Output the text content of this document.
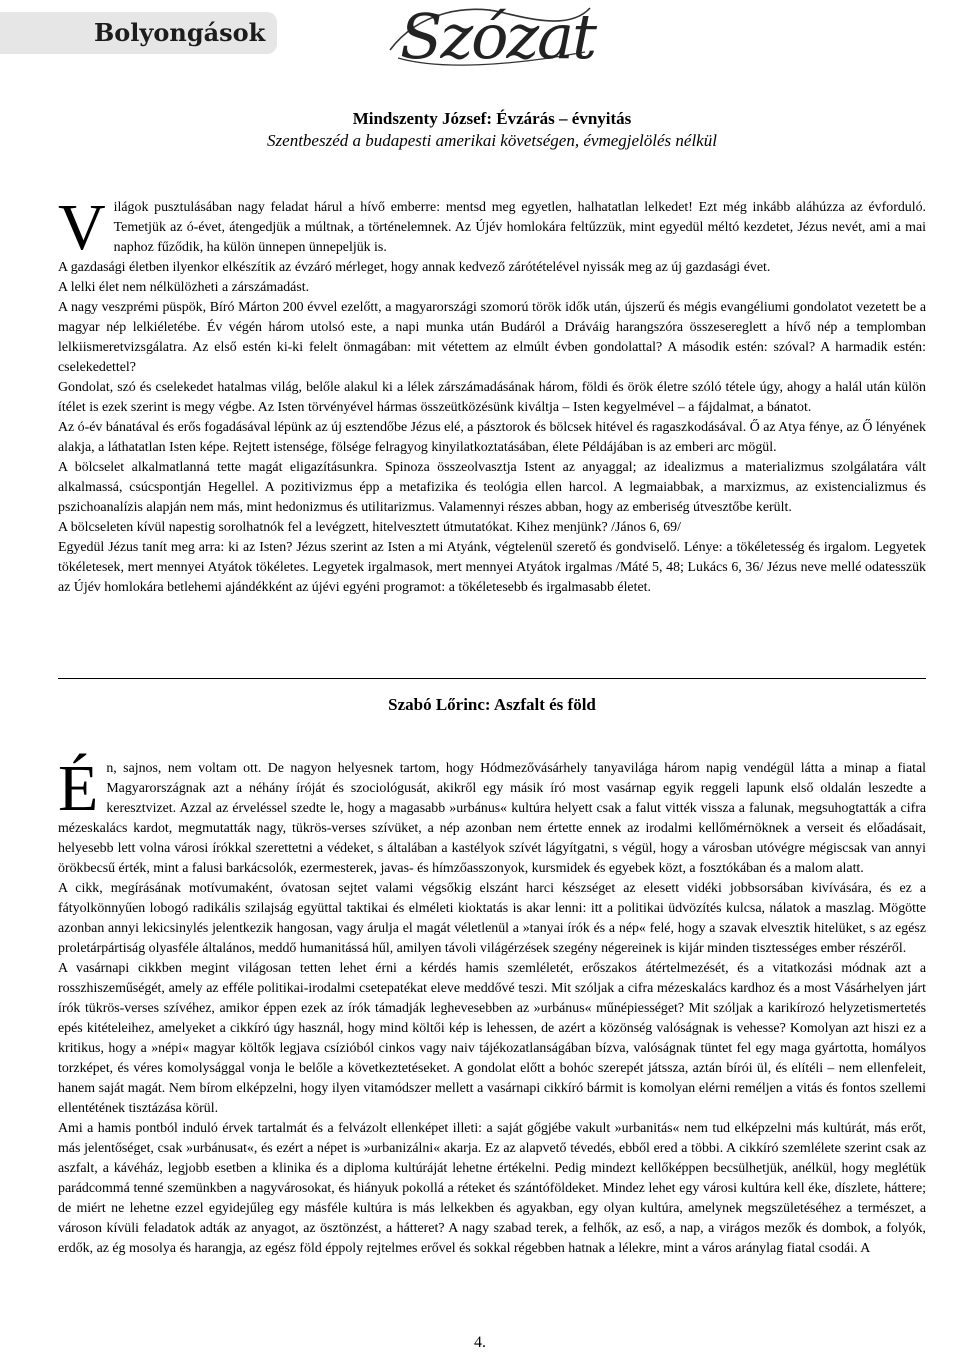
Bolyongások Szózat
Mindszenty József: Évzárás – évnyitás
Szentbeszéd a budapesti amerikai követségen, évmegjelölés nélkül

Világok pusztulásában nagy feladat hárul a hívő emberre: mentsd meg egyetlen, halhatatlan lelkedet! Ezt még inkább aláhúzza az évforduló. Temetjük az ó-évet, átengedjük a múltnak, a történelemnek. Az Újév homlokára feltűzzük, mint egyedül méltó kezdetet, Jézus nevét, ami a mai naphoz fűződik, ha külön ünnepen ünnepeljük is.

A gazdasági életben ilyenkor elkészítik az évzáró mérleget, hogy annak kedvező zárótételével nyissák meg az új gazdasági évet.

A lelki élet nem nélkülözheti a zárszámadást.

A nagy veszprémi püspök, Bíró Márton 200 évvel ezelőtt, a magyarországi szomorú török idők után, újszerű és mégis evangéliumi gondolatot vezetett be a magyar nép lelkiéletébe. Év végén három utolsó este, a napi munka után Budáról a Dráváig harangszóra összesereglett a hívő nép a templomban lelkiismeretvizsgálatra. Az első estén ki-ki felelt önmagában: mit vétettem az elmúlt évben gondolattal? A második estén: szóval? A harmadik estén: cselekedettel?

Gondolat, szó és cselekedet hatalmas világ, belőle alakul ki a lélek zárszámadásának három, földi és örök életre szóló tétele úgy, ahogy a halál után külön ítélet is ezek szerint is megy végbe. Az Isten törvényével hármas összeütközésünk kiváltja – Isten kegyelmével – a fájdalmat, a bánatot.

Az ó-év bánatával és erős fogadásával lépünk az új esztendőbe Jézus elé, a pásztorok és bölcsek hitével és ragaszkodásával. Ő az Atya fénye, az Ő lényének alakja, a láthatatlan Isten képe. Rejtett istensége, fölsége felragyog kinyilatkoztatásában, élete Példájában is az emberi arc mögül.

A bölcselet alkalmatlanná tette magát eligazításunkra. Spinoza összeolvasztja Istent az anyaggal; az idealizmus a materializmus szolgálatára vált alkalmassá, csúcspontján Hegellel. A pozitivizmus épp a metafizika és teológia ellen harcol. A legmaiabbak, a marxizmus, az existencializmus és pszichoanalízis alapján nem más, mint hedonizmus és utilitarizmus. Valamennyi részes abban, hogy az emberiség útvesztőbe került.

A bölcseleten kívül napestig sorolhatnók fel a levégzett, hitelvesztett útmutatókat. Kihez menjünk? /János 6, 69/

Egyedül Jézus tanít meg arra: ki az Isten? Jézus szerint az Isten a mi Atyánk, végtelenül szerető és gondviselő. Lénye: a tökéletesség és irgalom. Legyetek tökéletesek, mert mennyei Atyátok tökéletes. Legyetek irgalmasok, mert mennyei Atyátok irgalmas /Máté 5, 48; Lukács 6, 36/ Jézus neve mellé odatesszük az Újév homlokára betlehemi ajándékként az újévi egyéni programot: a tökéletesebb és irgalmasabb életet.

Szabó Lőrinc: Aszfalt és föld

Én, sajnos, nem voltam ott. De nagyon helyesnek tartom, hogy Hódmezővásárhely tanyavilága három napig vendégül látta a minap a fiatal Magyarországnak azt a néhány íróját és szociológusát, akikről egy másik író most vasárnap egyik reggeli lapunk első oldalán leszedte a keresztvizet. Azzal az érveléssel szedte le, hogy a magasabb »urbánus« kultúra helyett csak a falut vitték vissza a falunak, megsuhogtatták a cifra mézeskalács kardot, megmutatták nagy, tükrös-verses szívüket, a nép azonban nem értette ennek az irodalmi kellőmérnöknek a verseit és előadásait, helyesebb lett volna városi írókkal szerettetni a védeket, s általában a kastélyok szívét lágyítgatni, s végül, hogy a városban utóvégre mégiscsak van annyi örökbecsű érték, mint a falusi barkácsolók, ezermesterek, javas- és hímzőasszonyok, kursmidek és egyebek közt, a fosztókában és a malom alatt.

A cikk, megírásának motívumaként, óvatosan sejtet valami végsőkig elszánt harci készséget az elesett vidéki jobbsorsában kivívására, és ez a fátyolkönnyűen lobogó radikális szilajság együttal taktikai és elméleti kioktatás is akar lenni: itt a politikai üdvözítés kulcsa, nálatok a maszlag. Mögötte azonban annyi lekicsinylés jelentkezik hangosan, vagy árulja el magát véletlenül a »tanyai írók és a nép« felé, hogy a szavak elvesztik hitelüket, s az egész proletárpártiság olyasféle általános, meddő humanitássá hűl, amilyen távoli világérzések szegény négereinek is kijár minden tisztességes ember részéről.

A vasárnapi cikkben megint világosan tetten lehet érni a kérdés hamis szemléletét, erőszakos átértelmezését, és a vitatkozási módnak azt a rosszhiszeműségét, amely az efféle politikai-irodalmi csetepatékat eleve meddővé teszi. Mit szóljak a cifra mézeskalács kardhoz és a most Vásárhelyen járt írók tükrös-verses szívéhez, amikor éppen ezek az írók támadják leghevesebben az »urbánus« műnépiességet? Mit szóljak a karikírozó helyzetismertetés epés kitételeihez, amelyeket a cikkíró úgy használ, hogy mind költői kép is lehessen, de azért a közönség valóságnak is vehesse? Komolyan azt hiszi ez a kritikus, hogy a »népi« magyar költők legjava csízióból cinkos vagy naiv tájékozatlanságában bízva, valóságnak tüntet fel egy maga gyártotta, homályos torzképet, és véres komolysággal vonja le belőle a következtetéseket. A gondolat előtt a bohóc szerepét játssza, aztán bírói ül, és elítéli – nem ellenfeleit, hanem saját magát. Nem bírom elképzelni, hogy ilyen vitamódszer mellett a vasárnapi cikkíró bármit is komolyan elérni reméljen a vitás és fontos szellemi ellentétének tisztázása körül.

Ami a hamis pontból induló érvek tartalmát és a felvázolt ellenképet illeti: a saját gőgjébe vakult »urbanitás« nem tud elképzelni más kultúrát, más erőt, más jelentőséget, csak »urbánusat«, és ezért a népet is »urbanizálni« akarja. Ez az alapvető tévedés, ebből ered a többi. A cikkíró szemlélete szerint csak az aszfalt, a kávéház, legjobb esetben a klinika és a diploma kultúráját lehetne értékelni. Pedig mindezt kellőképpen becsülhetjük, anélkül, hogy meglétük parádcommá tenné szemünkben a nagyvárosokat, és hiányuk pokollá a réteket és szántóföldeket. Mindez lehet egy városi kultúra kell éke, díszlete, háttere; de miért ne lehetne ezzel egyidejűleg egy másféle kultúra is más lelkekben és agyakban, egy olyan kultúra, amelynek megszületéséhez a természet, a városon kívüli feladatok adták az anyagot, az ösztönzést, a hátteret? A nagy szabad terek, a felhők, az eső, a nap, a virágos mezők és dombok, a folyók, erdők, az ég mosolya és harangja, az egész föld éppoly rejtelmes erővel és sokkal régebben hatnak a lélekre, mint a város aránylag fiatal csodái. A

4.
